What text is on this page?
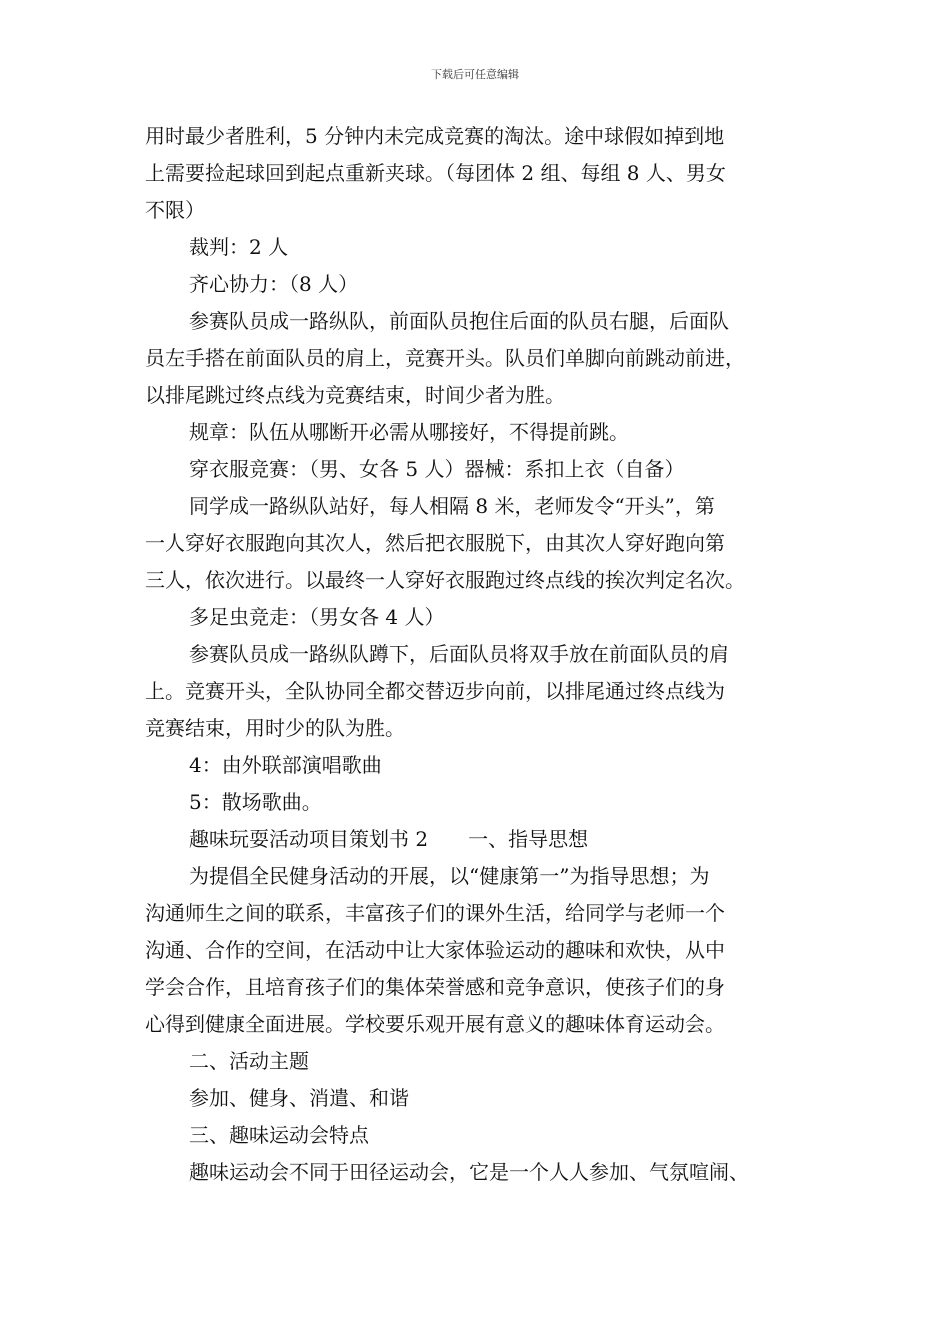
下载后可任意编辑

用时最少者胜利，5 分钟内未完成竞赛的淘汰。途中球假如掉到地

上需要捡起球回到起点重新夹球。（每团体 2 组、每组 8 人、男女

不限）

裁判：2 人

齐心协力：（8 人）

参赛队员成一路纵队，前面队员抱住后面的队员右腿，后面队

员左手搭在前面队员的肩上，竞赛开头。队员们单脚向前跳动前进，

以排尾跳过终点线为竞赛结束，时间少者为胜。

规章：队伍从哪断开必需从哪接好，不得提前跳。

穿衣服竞赛：（男、女各 5 人）器械：系扣上衣（自备）

同学成一路纵队站好，每人相隔 8 米，老师发令“开头”，第

一人穿好衣服跑向其次人，然后把衣服脱下，由其次人穿好跑向第

三人，依次进行。以最终一人穿好衣服跑过终点线的挨次判定名次。

多足虫竞走：（男女各 4 人）

参赛队员成一路纵队蹲下，后面队员将双手放在前面队员的肩

上。竞赛开头，全队协同全都交替迈步向前，以排尾通过终点线为

竞赛结束，用时少的队为胜。

4：由外联部演唱歌曲

5：散场歌曲。

趣味玩耍活动项目策划书 2　　一、指导思想

为提倡全民健身活动的开展，以“健康第一”为指导思想；为

沟通师生之间的联系，丰富孩子们的课外生活，给同学与老师一个

沟通、合作的空间，在活动中让大家体验运动的趣味和欢快，从中

学会合作，且培育孩子们的集体荣誉感和竞争意识，使孩子们的身

心得到健康全面进展。学校要乐观开展有意义的趣味体育运动会。

二、活动主题

参加、健身、消遣、和谐

三、趣味运动会特点

趣味运动会不同于田径运动会，它是一个人人参加、气氛喧闹、
